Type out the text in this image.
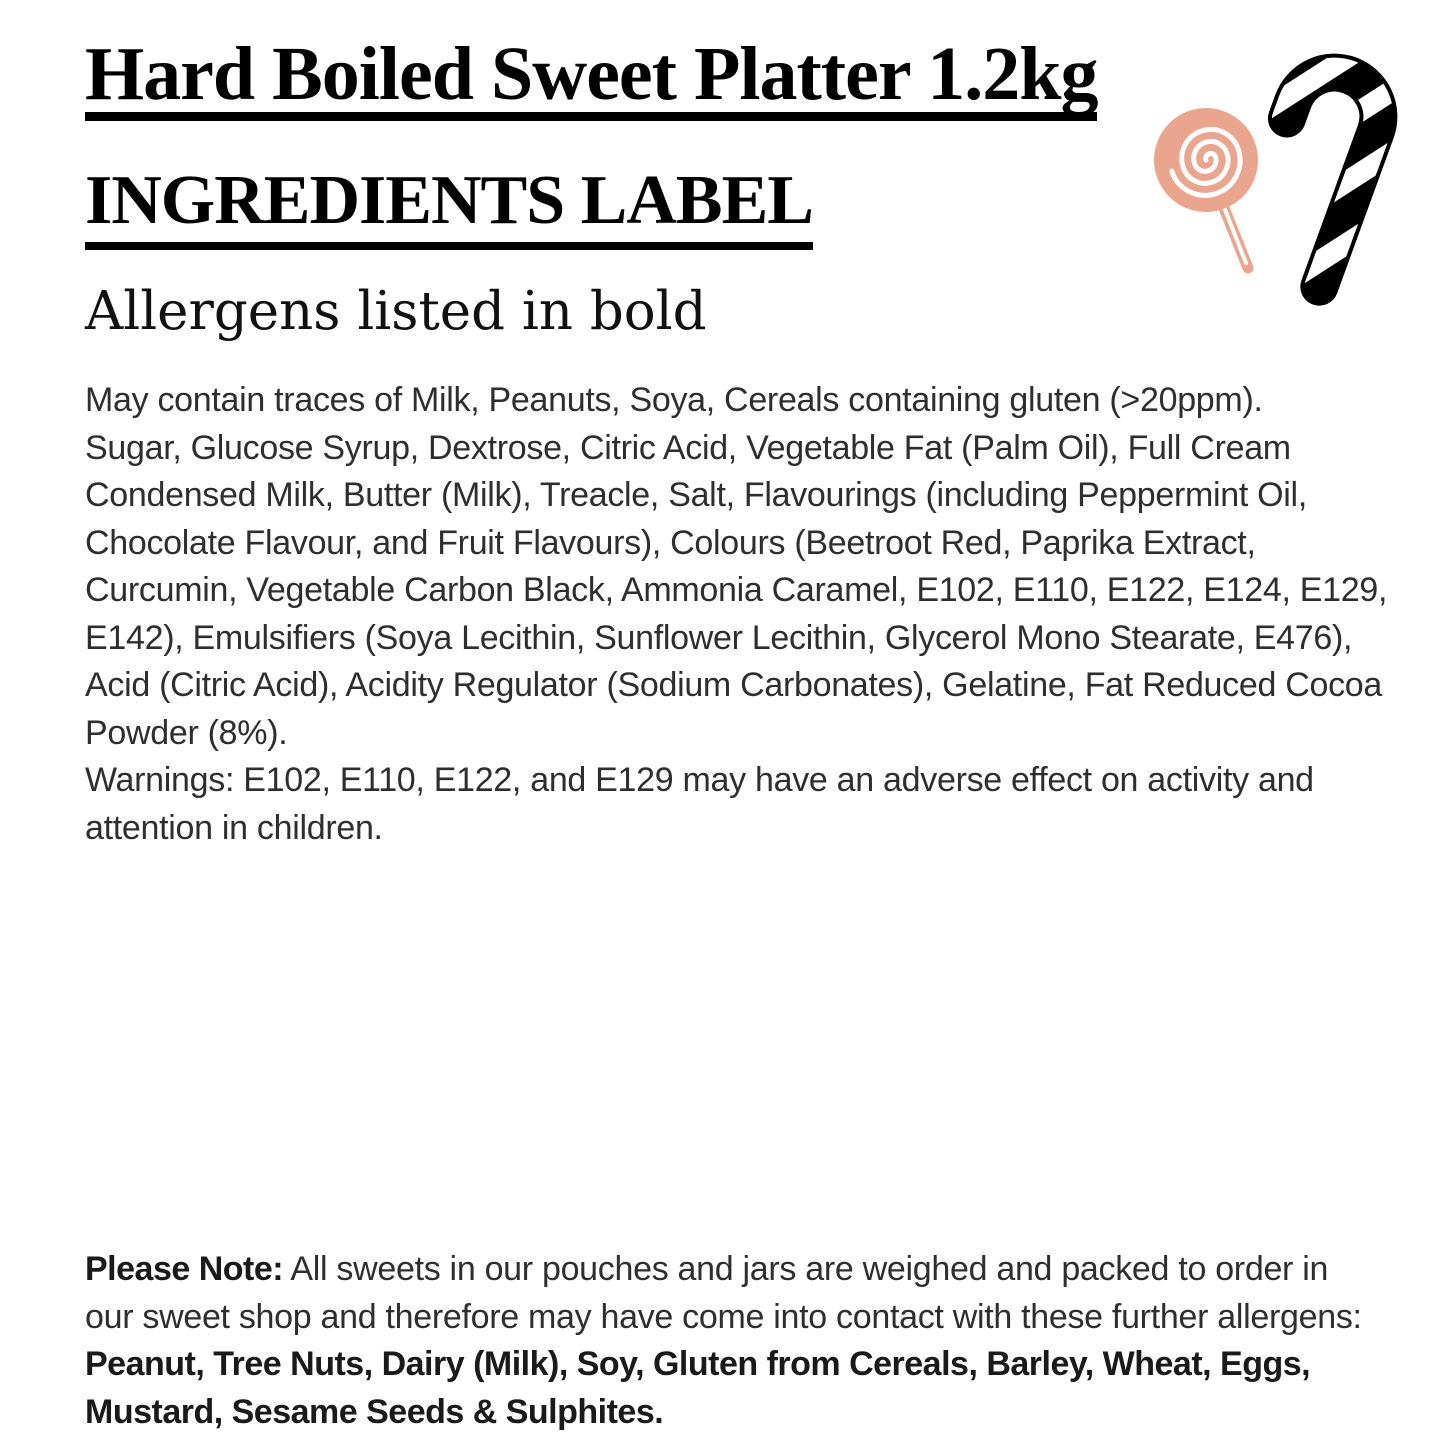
Hard Boiled Sweet Platter 1.2kg
INGREDIENTS LABEL
Allergens listed in bold
May contain traces of Milk, Peanuts, Soya, Cereals containing gluten (>20ppm).
Sugar, Glucose Syrup, Dextrose, Citric Acid, Vegetable Fat (Palm Oil), Full Cream
Condensed Milk, Butter (Milk), Treacle, Salt, Flavourings (including Peppermint Oil,
Chocolate Flavour, and Fruit Flavours), Colours (Beetroot Red, Paprika Extract,
Curcumin, Vegetable Carbon Black, Ammonia Caramel, E102, E110, E122, E124, E129,
E142), Emulsifiers (Soya Lecithin, Sunflower Lecithin, Glycerol Mono Stearate, E476),
Acid (Citric Acid), Acidity Regulator (Sodium Carbonates), Gelatine, Fat Reduced Cocoa
Powder (8%).
Warnings: E102, E110, E122, and E129 may have an adverse effect on activity and
attention in children.
Please Note: All sweets in our pouches and jars are weighed and packed to order in
our sweet shop and therefore may have come into contact with these further allergens:
Peanut, Tree Nuts, Dairy (Milk), Soy, Gluten from Cereals, Barley, Wheat, Eggs,
Mustard, Sesame Seeds & Sulphites.
